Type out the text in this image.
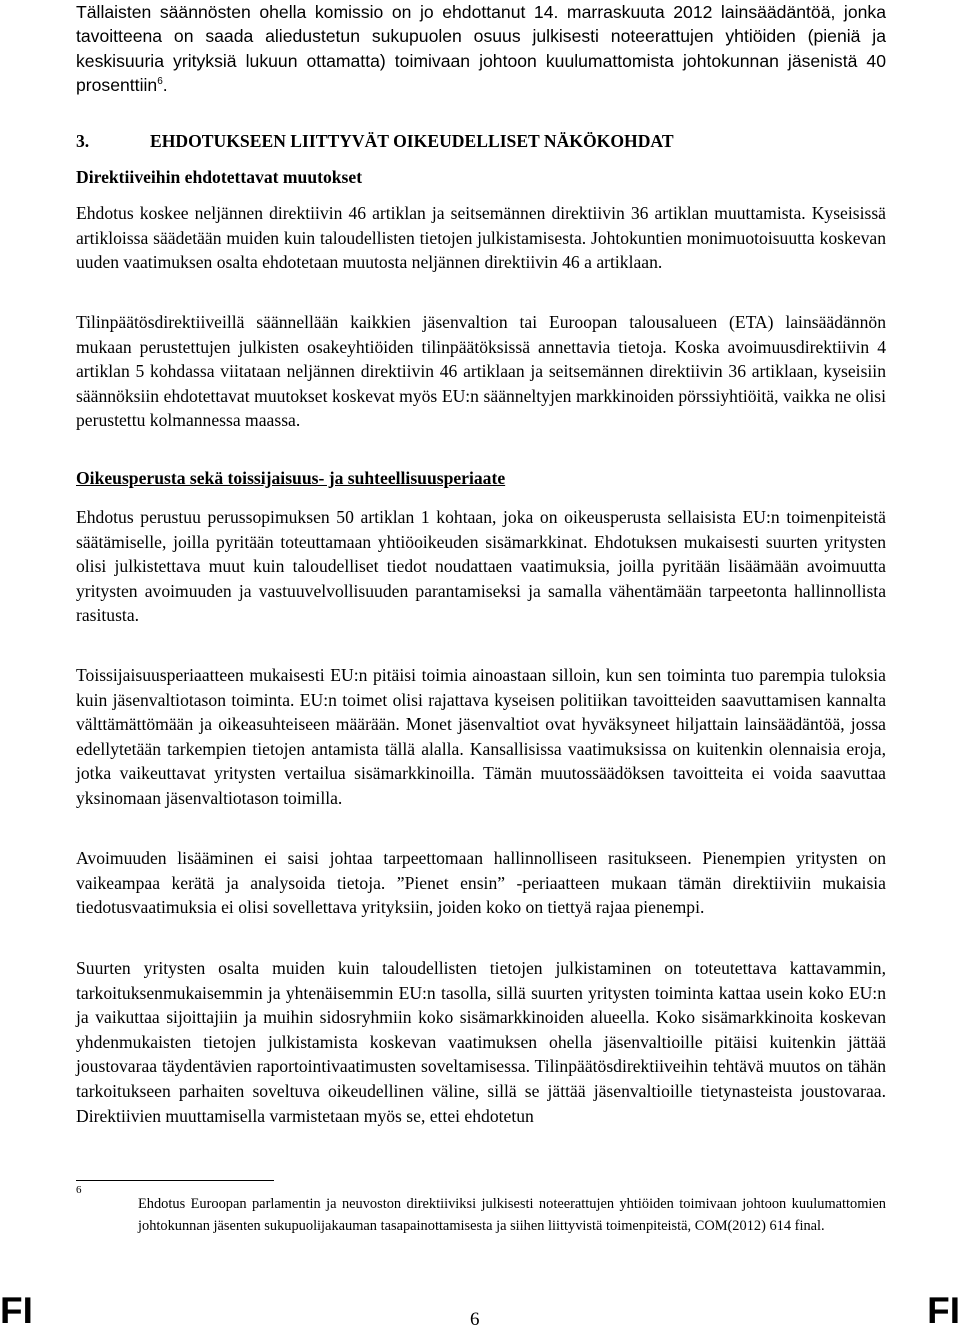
Tällaisten säännösten ohella komissio on jo ehdottanut 14. marraskuuta 2012 lainsäädäntöä, jonka tavoitteena on saada aliedustetun sukupuolen osuus julkisesti noteerattujen yhtiöiden (pieniä ja keskisuuria yrityksiä lukuun ottamatta) toimivaan johtoon kuulumattomista johtokunnan jäsenistä 40 prosenttiin$^6$.

3.	EHDOTUKSEEN LIITTYVÄT OIKEUDELLISET NÄKÖKOHDAT
Direktiiveihin ehdotettavat muutokset

Ehdotus koskee neljännen direktiivin 46 artiklan ja seitsemännen direktiivin 36 artiklan muuttamista. Kyseisissä artikloissa säädetään muiden kuin taloudellisten tietojen julkistamisesta. Johtokuntien monimuotoisuutta koskevan uuden vaatimuksen osalta ehdotetaan muutosta neljännen direktiivin 46 a artiklaan.

Tilinpäätösdirektiiveillä säännellään kaikkien jäsenvaltion tai Euroopan talousalueen (ETA) lainsäädännön mukaan perustettujen julkisten osakeyhtiöiden tilinpäätöksissä annettavia tietoja. Koska avoimuusdirektiivin 4 artiklan 5 kohdassa viitataan neljännen direktiivin 46 artiklaan ja seitsemännen direktiivin 36 artiklaan, kyseisiin säännöksiin ehdotettavat muutokset koskevat myös EU:n säänneltyjen markkinoiden pörssiyhtiöitä, vaikka ne olisi perustettu kolmannessa maassa.

Oikeusperusta sekä toissijaisuus- ja suhteellisuusperiaate

Ehdotus perustuu perussopimuksen 50 artiklan 1 kohtaan, joka on oikeusperusta sellaisista EU:n toimenpiteistä säätämiselle, joilla pyritään toteuttamaan yhtiöoikeuden sisämarkkinat. Ehdotuksen mukaisesti suurten yritysten olisi julkistettava muut kuin taloudelliset tiedot noudattaen vaatimuksia, joilla pyritään lisäämään avoimuutta yritysten avoimuuden ja vastuuvelvollisuuden parantamiseksi ja samalla vähentämään tarpeetonta hallinnollista rasitusta.

Toissijaisuusperiaatteen mukaisesti EU:n pitäisi toimia ainoastaan silloin, kun sen toiminta tuo parempia tuloksia kuin jäsenvaltiotason toiminta. EU:n toimet olisi rajattava kyseisen politiikan tavoitteiden saavuttamisen kannalta välttämättömään ja oikeasuhteiseen määrään. Monet jäsenvaltiot ovat hyväksyneet hiljattain lainsäädäntöä, jossa edellytetään tarkempien tietojen antamista tällä alalla. Kansallisissa vaatimuksissa on kuitenkin olennaisia eroja, jotka vaikeuttavat yritysten vertailua sisämarkkinoilla. Tämän muutossäädöksen tavoitteita ei voida saavuttaa yksinomaan jäsenvaltiotason toimilla.

Avoimuuden lisääminen ei saisi johtaa tarpeettomaan hallinnolliseen rasitukseen. Pienempien yritysten on vaikeampaa kerätä ja analysoida tietoja. ”Pienet ensin” -periaatteen mukaan tämän direktiiviin mukaisia tiedotusvaatimuksia ei olisi sovellettava yrityksiin, joiden koko on tiettyä rajaa pienempi.

Suurten yritysten osalta muiden kuin taloudellisten tietojen julkistaminen on toteutettava kattavammin, tarkoituksenmukaisemmin ja yhtenäisemmin EU:n tasolla, sillä suurten yritysten toiminta kattaa usein koko EU:n ja vaikuttaa sijoittajiin ja muihin sidosryhmiin koko sisämarkkinoiden alueella. Koko sisämarkkinoita koskevan yhdenmukaisten tietojen julkistamista koskevan vaatimuksen ohella jäsenvaltioille pitäisi kuitenkin jättää joustovaraa täydentävien raportointivaatimusten soveltamisessa. Tilinpäätösdirektiiveihin tehtävä muutos on tähän tarkoitukseen parhaiten soveltuva oikeudellinen väline, sillä se jättää jäsenvaltioille tietynasteista joustovaraa. Direktiivien muuttamisella varmistetaan myös se, ettei ehdotetun

6
Ehdotus Euroopan parlamentin ja neuvoston direktiiviksi julkisesti noteerattujen yhtiöiden toimivaan johtoon kuulumattomien johtokunnan jäsenten sukupuolijakauman tasapainottamisesta ja siihen liittyvistä toimenpiteistä, COM(2012) 614 final.
FI	6	FI
